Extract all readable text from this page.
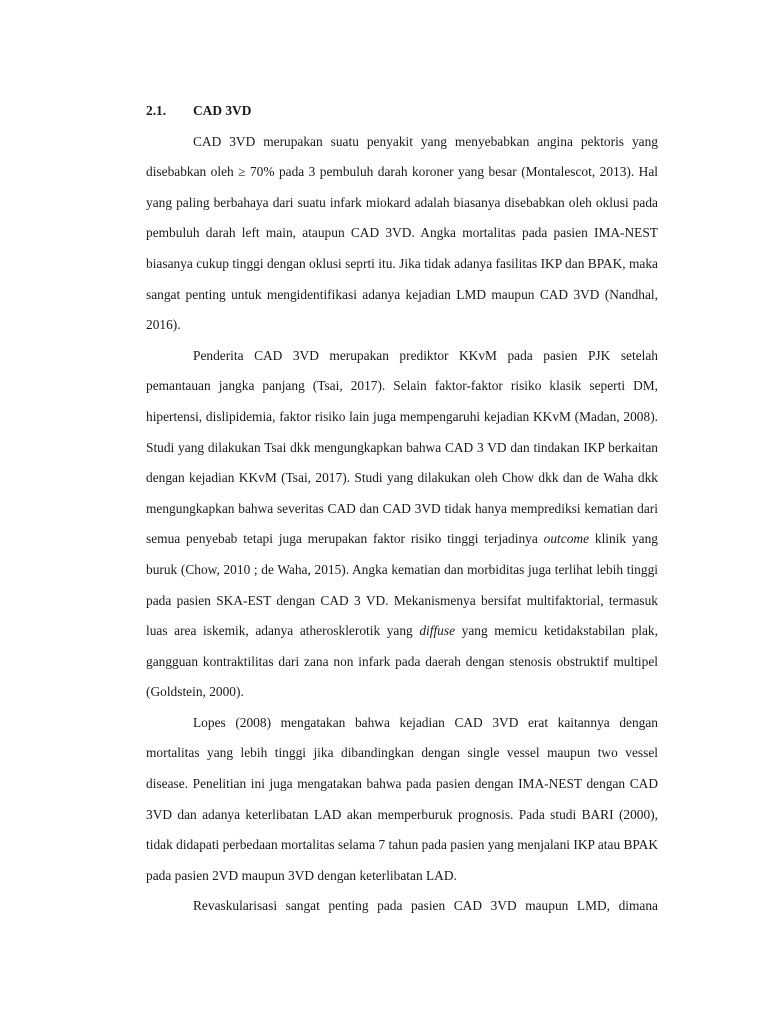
2.1.	CAD 3VD

CAD 3VD merupakan suatu penyakit yang menyebabkan angina pektoris yang disebabkan oleh ≥ 70% pada 3 pembuluh darah koroner yang besar (Montalescot, 2013). Hal yang paling berbahaya dari suatu infark miokard adalah biasanya disebabkan oleh oklusi pada pembuluh darah left main, ataupun CAD 3VD. Angka mortalitas pada pasien IMA-NEST biasanya cukup tinggi dengan oklusi seprti itu. Jika tidak adanya fasilitas IKP dan BPAK, maka sangat penting untuk mengidentifikasi adanya kejadian LMD maupun CAD 3VD (Nandhal, 2016).

Penderita CAD 3VD merupakan prediktor KKvM pada pasien PJK setelah pemantauan jangka panjang (Tsai, 2017). Selain faktor-faktor risiko klasik seperti DM, hipertensi, dislipidemia, faktor risiko lain juga mempengaruhi kejadian KKvM (Madan, 2008). Studi yang dilakukan Tsai dkk mengungkapkan bahwa CAD 3 VD dan tindakan IKP berkaitan dengan kejadian KKvM (Tsai, 2017). Studi yang dilakukan oleh Chow dkk dan de Waha dkk mengungkapkan bahwa severitas CAD dan CAD 3VD tidak hanya memprediksi kematian dari semua penyebab tetapi juga merupakan faktor risiko tinggi terjadinya outcome klinik yang buruk (Chow, 2010 ; de Waha, 2015). Angka kematian dan morbiditas juga terlihat lebih tinggi pada pasien SKA-EST dengan CAD 3 VD. Mekanismenya bersifat multifaktorial, termasuk luas area iskemik, adanya atherosklerotik yang diffuse yang memicu ketidakstabilan plak, gangguan kontraktilitas dari zana non infark pada daerah dengan stenosis obstruktif multipel (Goldstein, 2000).

Lopes (2008) mengatakan bahwa kejadian CAD 3VD erat kaitannya dengan mortalitas yang lebih tinggi jika dibandingkan dengan single vessel maupun two vessel disease. Penelitian ini juga mengatakan bahwa pada pasien dengan IMA-NEST dengan CAD 3VD dan adanya keterlibatan LAD akan memperburuk prognosis. Pada studi BARI (2000), tidak didapati perbedaan mortalitas selama 7 tahun pada pasien yang menjalani IKP atau BPAK pada pasien 2VD maupun 3VD dengan keterlibatan LAD.

Revaskularisasi sangat penting pada pasien CAD 3VD maupun LMD, dimana
